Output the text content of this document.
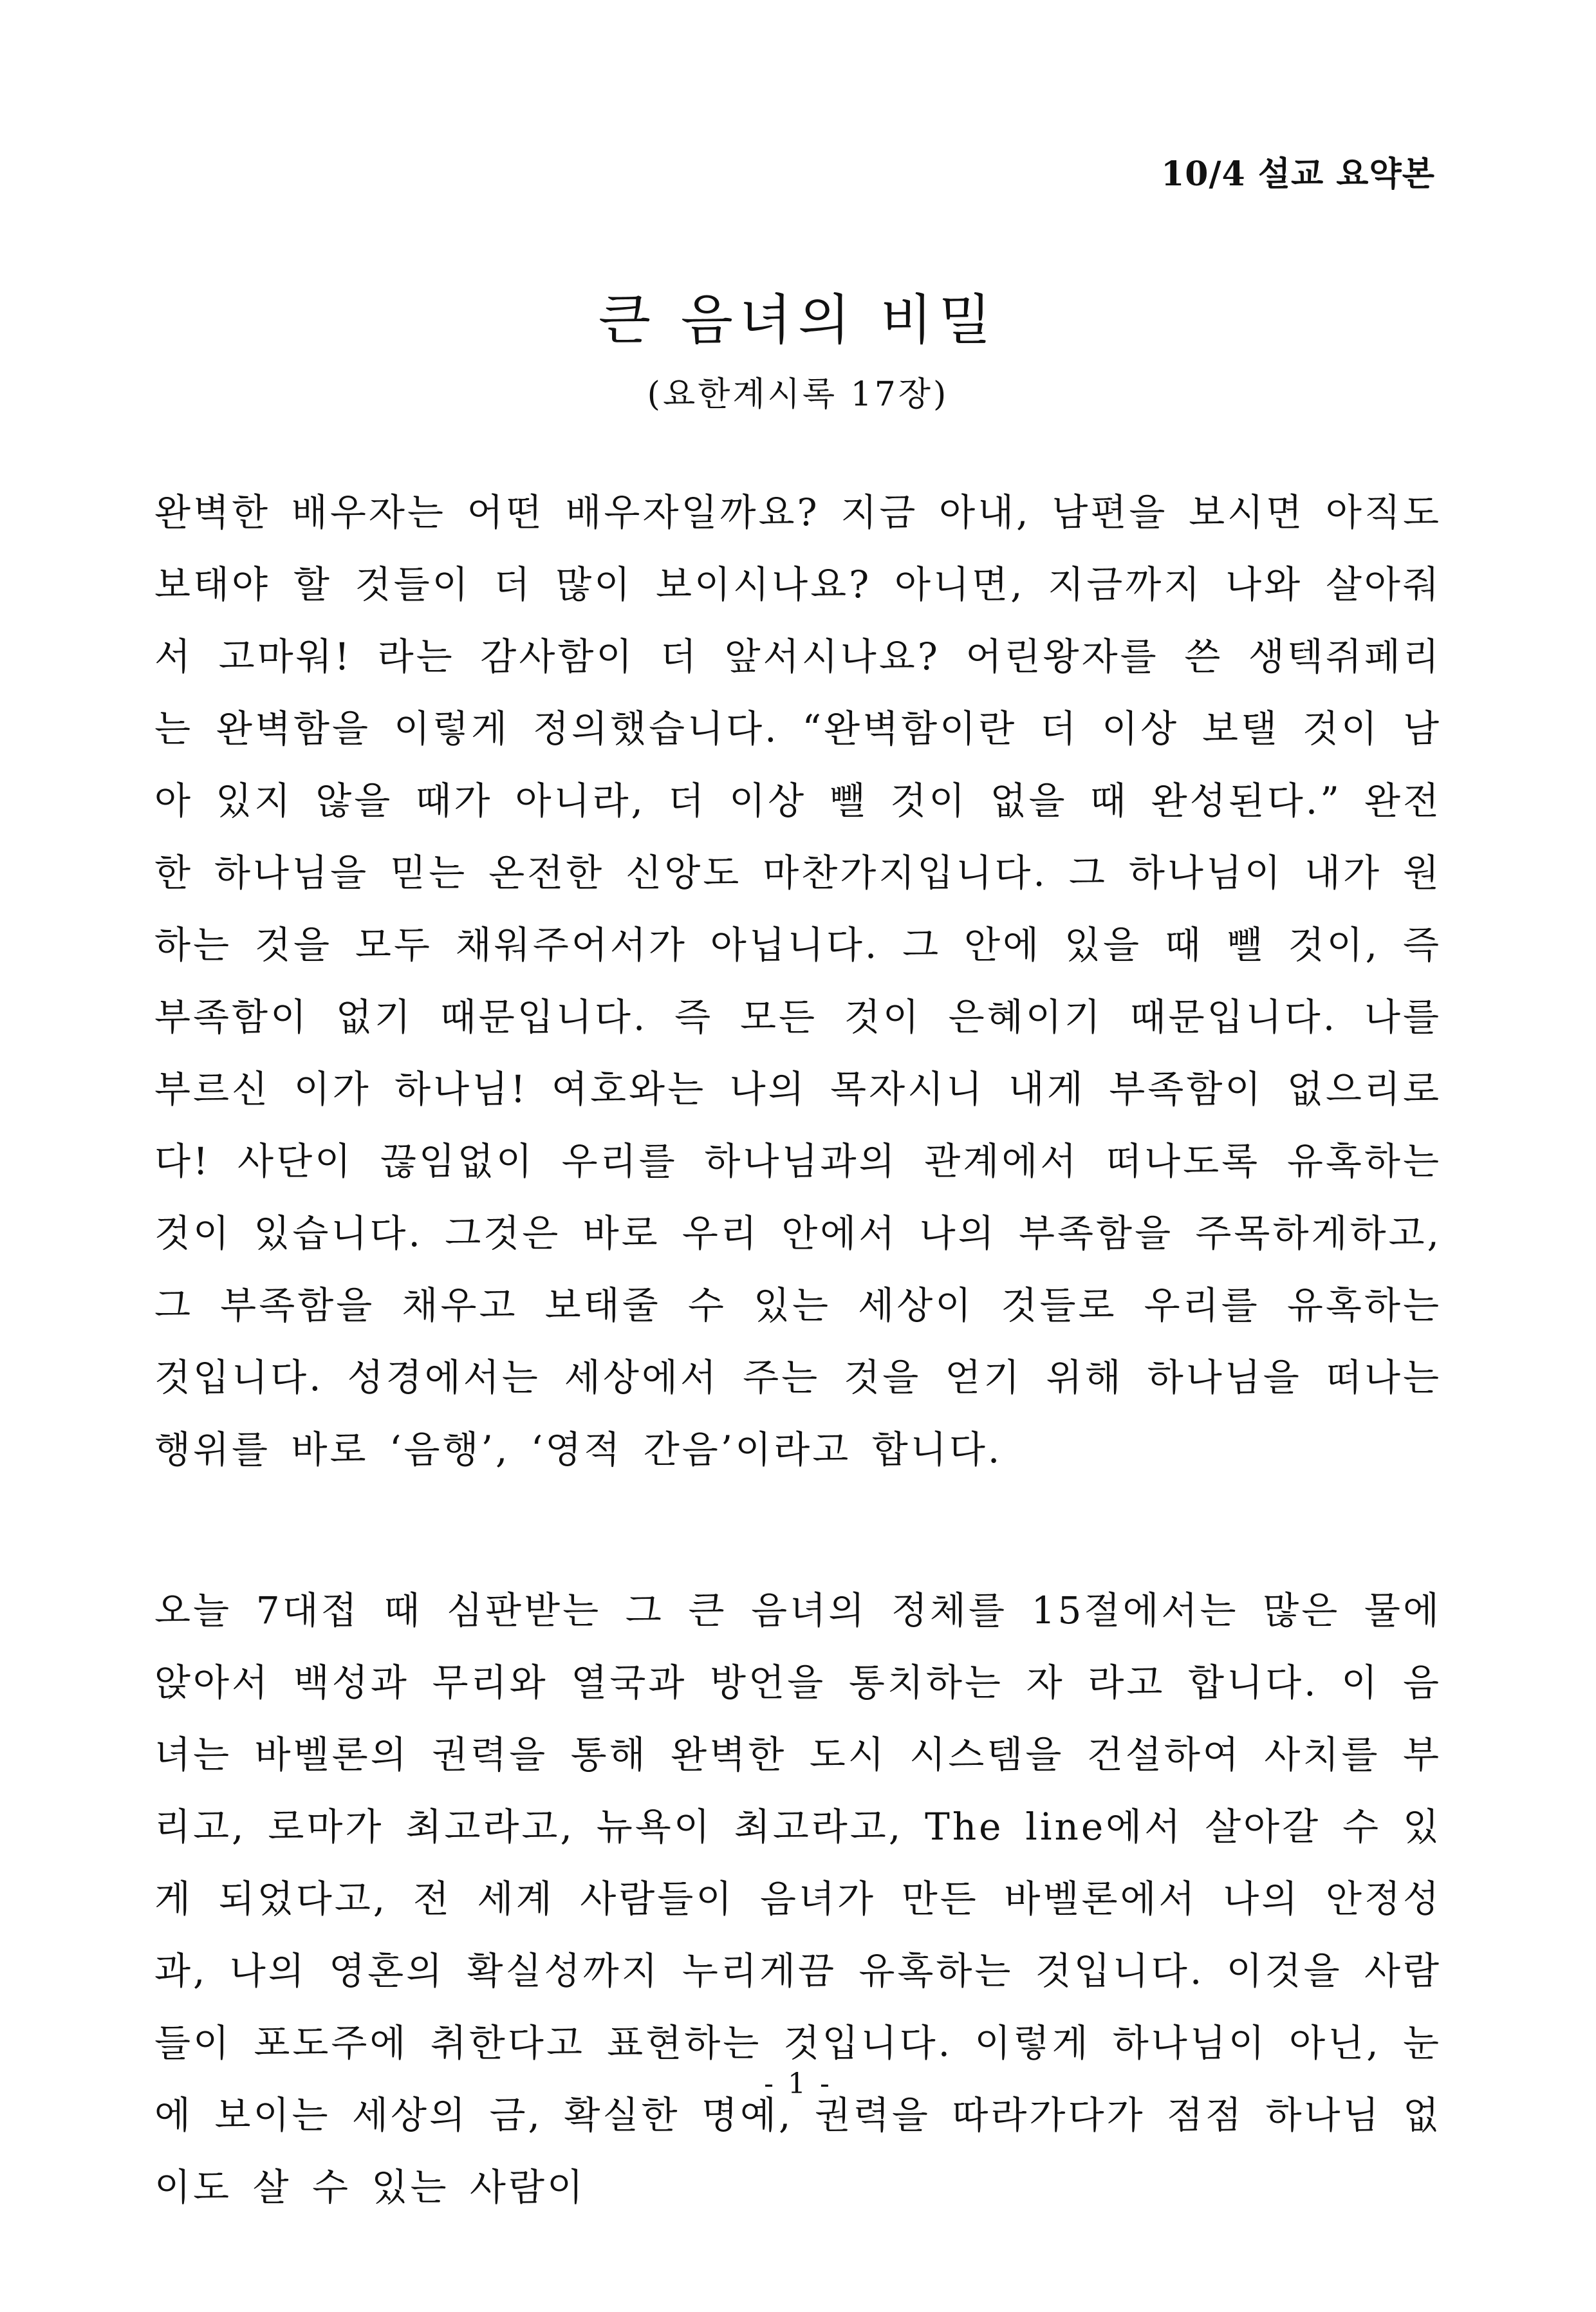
10/4 설교 요약본
큰 음녀의 비밀
(요한계시록 17장)

완벽한 배우자는 어떤 배우자일까요? 지금 아내, 남편을 보시면 아직도 보태야 할 것들이 더 많이 보이시나요? 아니면, 지금까지 나와 살아줘서 고마워! 라는 감사함이 더 앞서시나요? 어린왕자를 쓴 생텍쥐페리는 완벽함을 이렇게 정의했습니다. “완벽함이란 더 이상 보탤 것이 남아 있지 않을 때가 아니라, 더 이상 뺄 것이 없을 때 완성된다.” 완전한 하나님을 믿는 온전한 신앙도 마찬가지입니다. 그 하나님이 내가 원하는 것을 모두 채워주어서가 아닙니다. 그 안에 있을 때 뺄 것이, 즉 부족함이 없기 때문입니다. 즉 모든 것이 은혜이기 때문입니다. 나를 부르신 이가 하나님! 여호와는 나의 목자시니 내게 부족함이 없으리로다! 사단이 끊임없이 우리를 하나님과의 관계에서 떠나도록 유혹하는 것이 있습니다. 그것은 바로 우리 안에서 나의 부족함을 주목하게하고, 그 부족함을 채우고 보태줄 수 있는 세상이 것들로 우리를 유혹하는 것입니다. 성경에서는 세상에서 주는 것을 얻기 위해 하나님을 떠나는 행위를 바로 ‘음행’, ‘영적 간음’이라고 합니다.

오늘 7대접 때 심판받는 그 큰 음녀의 정체를 15절에서는 많은 물에 앉아서 백성과 무리와 열국과 방언을 통치하는 자 라고 합니다. 이 음녀는 바벨론의 권력을 통해 완벽한 도시 시스템을 건설하여 사치를 부리고, 로마가 최고라고, 뉴욕이 최고라고, The line에서 살아갈 수 있게 되었다고, 전 세계 사람들이 음녀가 만든 바벨론에서 나의 안정성과, 나의 영혼의 확실성까지 누리게끔 유혹하는 것입니다. 이것을 사람들이 포도주에 취한다고 표현하는 것입니다. 이렇게 하나님이 아닌, 눈에 보이는 세상의 금, 확실한 명예, 권력을 따라가다가 점점 하나님 없이도 살 수 있는 사람이

- 1 -
